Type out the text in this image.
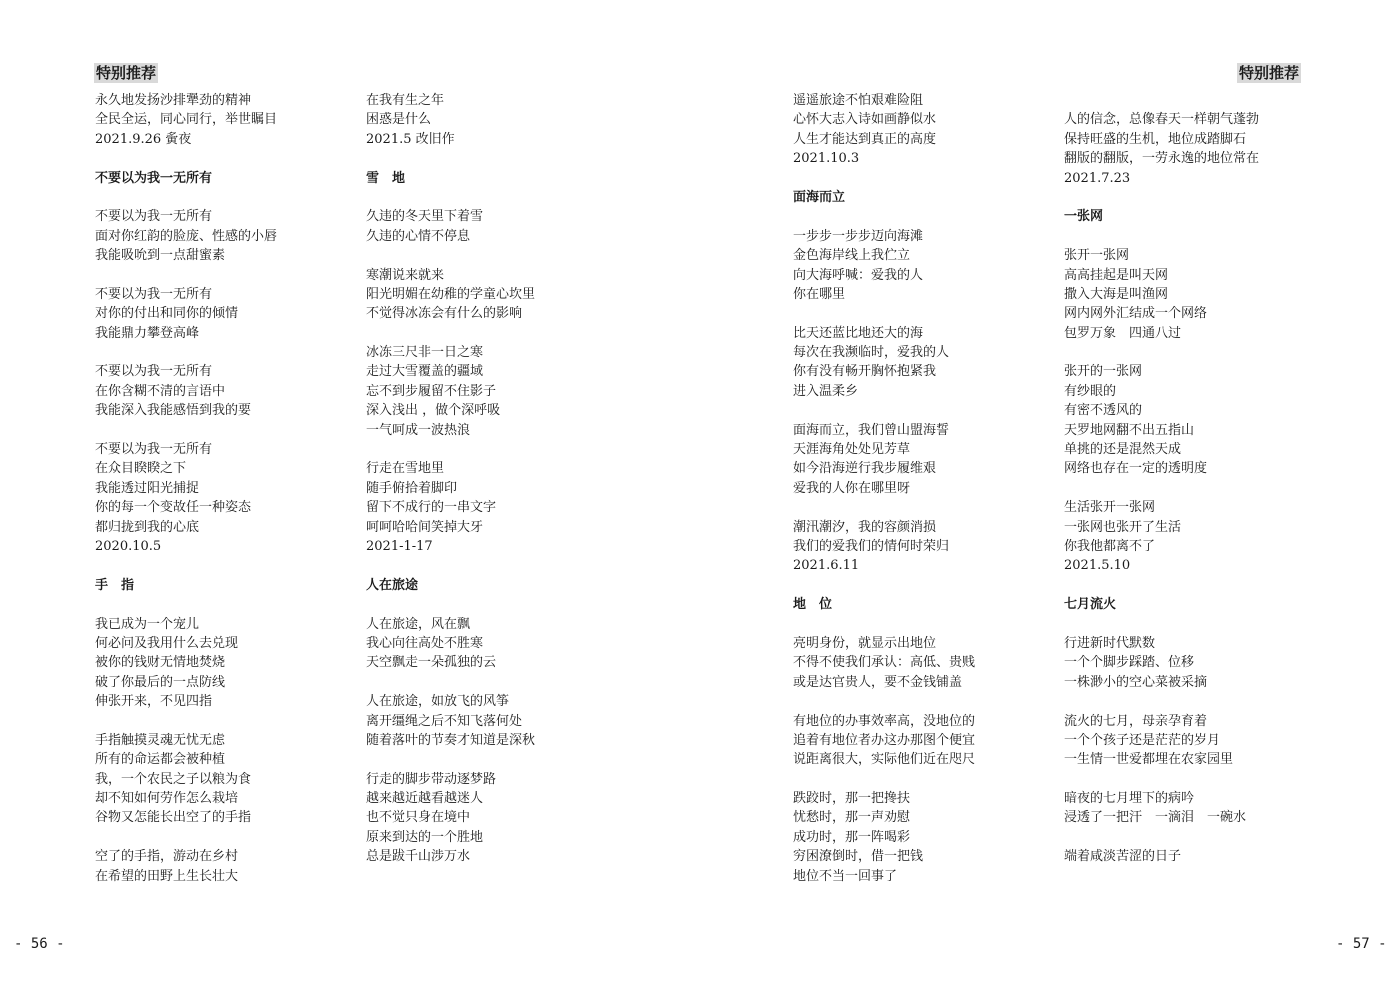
特别推荐	特别推荐
永久地发扬沙排犟劲的精神
全民全运，同心同行，举世瞩目
2021.9.26 夤夜
不要以为我一无所有
不要以为我一无所有
面对你红韵的脸庞、性感的小唇
我能吸吮到一点甜蜜素
不要以为我一无所有
对你的付出和同你的倾情
我能鼎力攀登高峰
不要以为我一无所有
在你含糊不清的言语中
我能深入我能感悟到我的要
不要以为我一无所有
在众目睽睽之下
我能透过阳光捕捉
你的每一个变故任一种姿态
都归拢到我的心底
2020.10.5
手　指
我已成为一个宠儿
何必问及我用什么去兑现
被你的钱财无情地焚烧
破了你最后的一点防线
伸张开来，不见四指
手指触摸灵魂无忧无虑
所有的命运都会被种植
我，一个农民之子以粮为食
却不知如何劳作怎么栽培
谷物又怎能长出空了的手指
空了的手指，游动在乡村
在希望的田野上生长壮大
在我有生之年
困惑是什么
2021.5 改旧作
雪　地
久违的冬天里下着雪
久违的心情不停息
寒潮说来就来
阳光明媚在幼稚的学童心坎里
不觉得冰冻会有什么的影响
冰冻三尺非一日之寒
走过大雪覆盖的疆域
忘不到步履留不住影子
深入浅出 ，做个深呼吸
一气呵成一波热浪
行走在雪地里
随手俯拾着脚印
留下不成行的一串文字
呵呵哈哈间笑掉大牙
2021-1-17
人在旅途
人在旅途，风在飘
我心向往高处不胜寒
天空飘走一朵孤独的云
人在旅途，如放飞的风筝
离开缰绳之后不知飞落何处
随着落叶的节奏才知道是深秋
行走的脚步带动逐梦路
越来越近越看越迷人
也不觉只身在境中
原来到达的一个胜地
总是跋千山涉万水
遥遥旅途不怕艰难险阻
心怀大志入诗如画静似水
人生才能达到真正的高度
2021.10.3
面海而立
一步步一步步迈向海滩
金色海岸线上我伫立
向大海呼喊：爱我的人
你在哪里
比天还蓝比地还大的海
每次在我濒临时，爱我的人
你有没有畅开胸怀抱紧我
进入温柔乡
面海而立，我们曾山盟海誓
天涯海角处处见芳草
如今沿海逆行我步履维艰
爱我的人你在哪里呀
潮汛潮汐，我的容颜消损
我们的爱我们的情何时荣归
2021.6.11
地　位
亮明身份，就显示出地位
不得不使我们承认：高低、贵贱
或是达官贵人，要不金钱铺盖
有地位的办事效率高，没地位的
追着有地位者办这办那图个便宜
说距离很大，实际他们近在咫尺
跌跤时，那一把搀扶
忧愁时，那一声劝慰
成功时，那一阵喝彩
穷困潦倒时，借一把钱
地位不当一回事了
人的信念，总像春天一样朝气蓬勃
保持旺盛的生机，地位成踏脚石
翻版的翻版，一劳永逸的地位常在
2021.7.23
一张网
张开一张网
高高挂起是叫天网
撒入大海是叫渔网
网内网外汇结成一个网络
包罗万象　四通八过
张开的一张网
有纱眼的
有密不透风的
天罗地网翻不出五指山
单挑的还是混然天成
网络也存在一定的透明度
生活张开一张网
一张网也张开了生活
你我他都离不了
2021.5.10
七月流火
行进新时代默数
一个个脚步踩踏、位移
一株渺小的空心菜被采摘
流火的七月，母亲孕育着
一个个孩子还是茫茫的岁月
一生情一世爱都埋在农家园里
暗夜的七月埋下的病吟
浸透了一把汗　一滴泪　一碗水
端着咸淡苦涩的日子
- 56 -	- 57 -
